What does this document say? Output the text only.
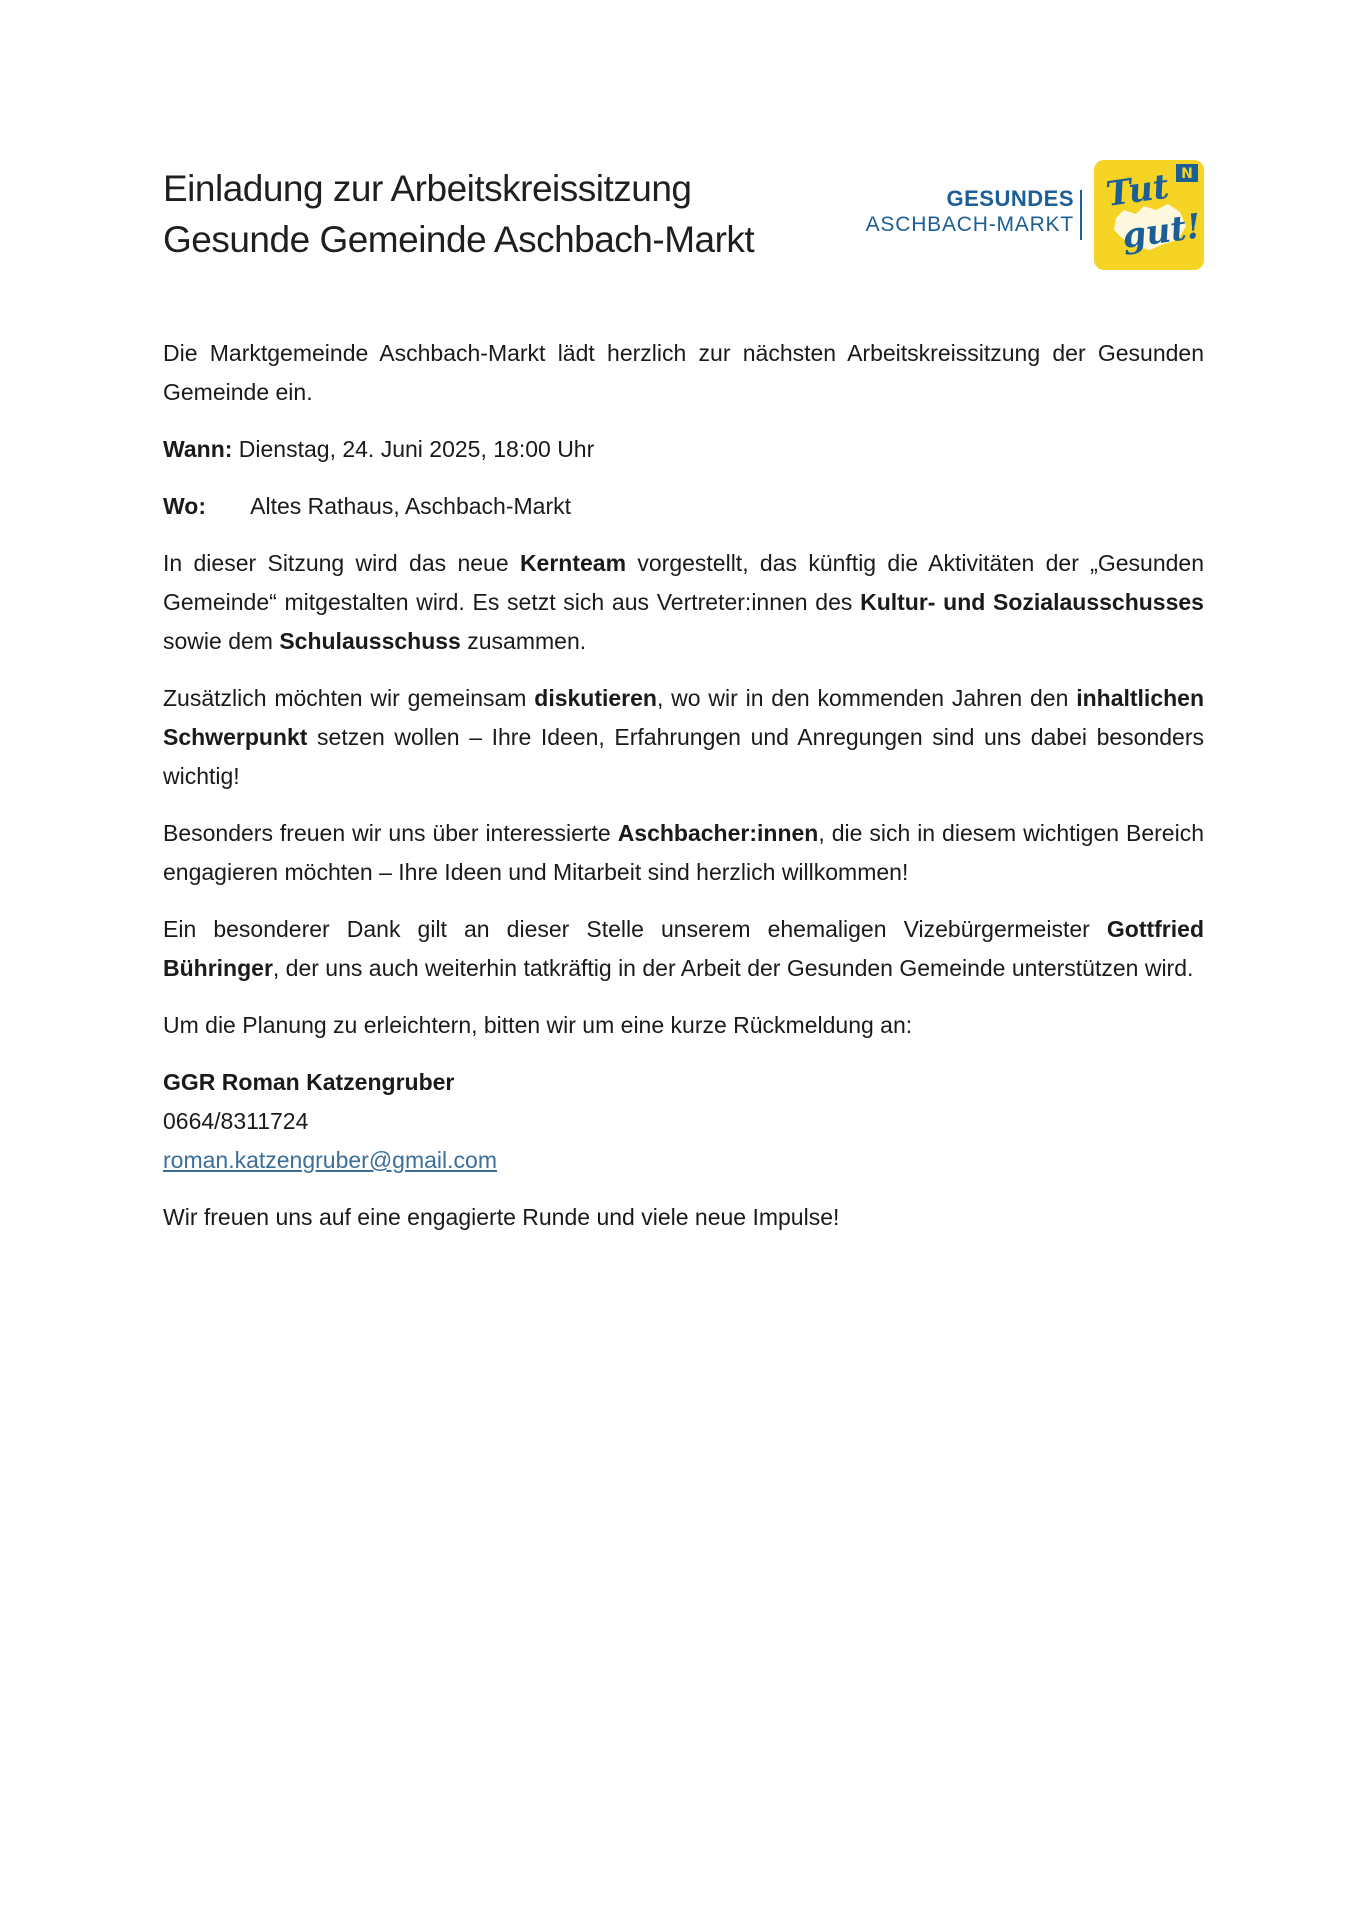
Einladung zur Arbeitskreissitzung
Gesunde Gemeinde Aschbach-Markt
GESUNDES
ASCHBACH-MARKT
N
Tut
gut!

Die Marktgemeinde Aschbach-Markt lädt herzlich zur nächsten Arbeitskreissitzung der Gesunden Gemeinde ein.

Wann: Dienstag, 24. Juni 2025, 18:00 Uhr
Wo: Altes Rathaus, Aschbach-Markt

In dieser Sitzung wird das neue Kernteam vorgestellt, das künftig die Aktivitäten der „Gesunden Gemeinde“ mitgestalten wird. Es setzt sich aus Vertreter:innen des Kultur- und Sozialausschusses sowie dem Schulausschuss zusammen.

Zusätzlich möchten wir gemeinsam diskutieren, wo wir in den kommenden Jahren den inhaltlichen Schwerpunkt setzen wollen – Ihre Ideen, Erfahrungen und Anregungen sind uns dabei besonders wichtig!

Besonders freuen wir uns über interessierte Aschbacher:innen, die sich in diesem wichtigen Bereich engagieren möchten – Ihre Ideen und Mitarbeit sind herzlich willkommen!

Ein besonderer Dank gilt an dieser Stelle unserem ehemaligen Vizebürgermeister Gottfried Bühringer, der uns auch weiterhin tatkräftig in der Arbeit der Gesunden Gemeinde unterstützen wird.

Um die Planung zu erleichtern, bitten wir um eine kurze Rückmeldung an:

GGR Roman Katzengruber
0664/8311724
roman.katzengruber@gmail.com

Wir freuen uns auf eine engagierte Runde und viele neue Impulse!
